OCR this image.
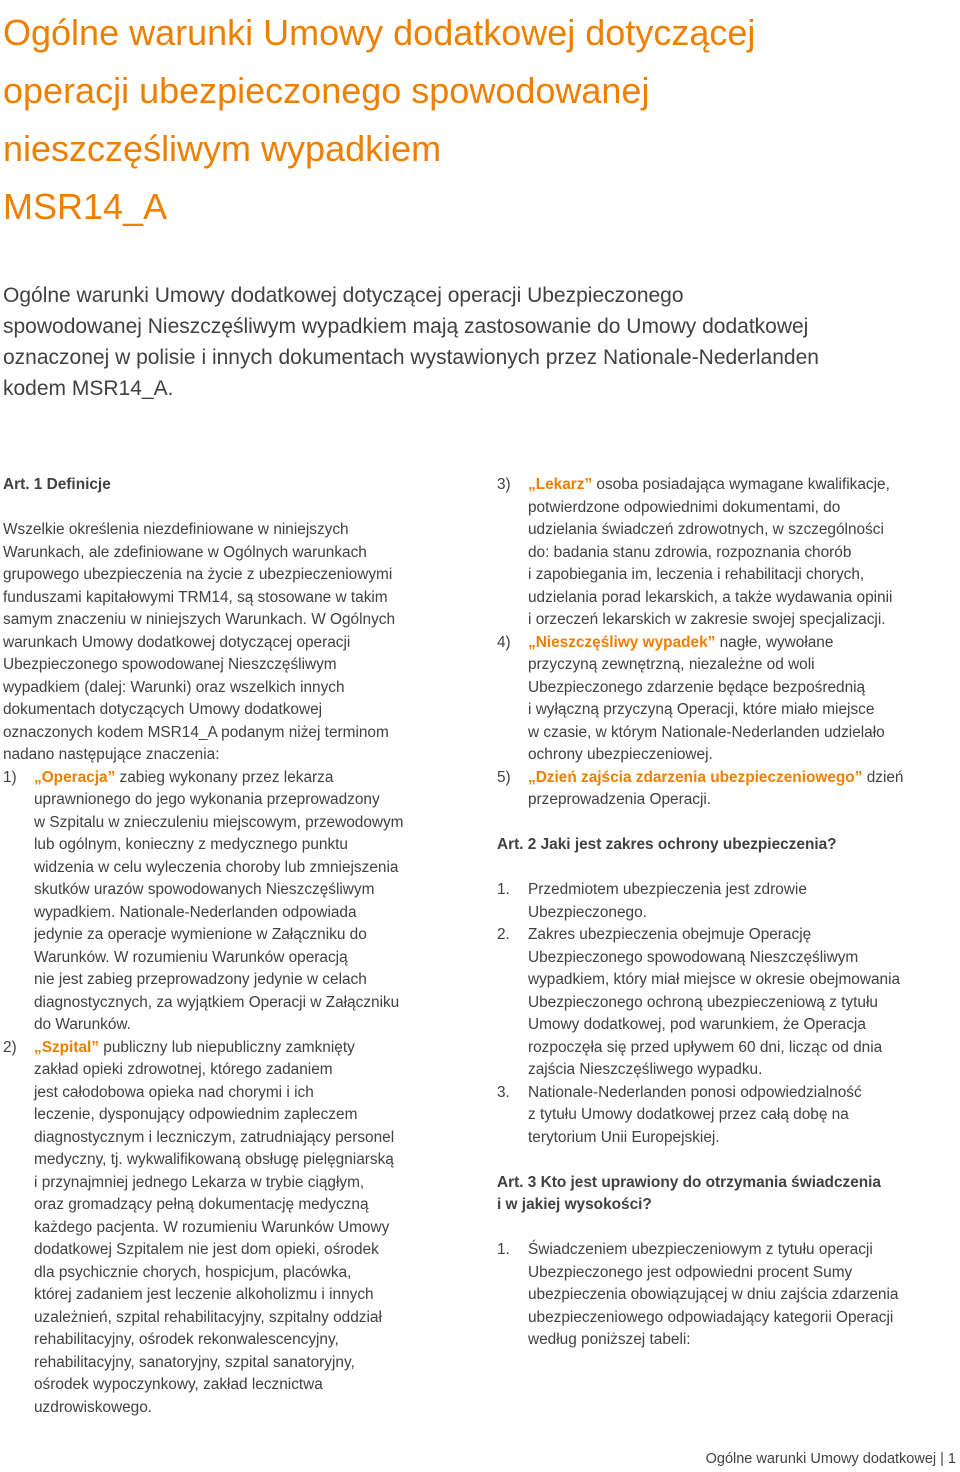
Ogólne warunki Umowy dodatkowej dotyczącej
operacji ubezpieczonego spowodowanej
nieszczęśliwym wypadkiem
MSR14_A
Ogólne warunki Umowy dodatkowej dotyczącej operacji Ubezpieczonego
spowodowanej Nieszczęśliwym wypadkiem mają zastosowanie do Umowy dodatkowej
oznaczonej w polisie i innych dokumentach wystawionych przez Nationale-Nederlanden
kodem MSR14_A.
Art. 1 Definicje
Wszelkie określenia niezdefiniowane w niniejszych
Warunkach, ale zdefiniowane w Ogólnych warunkach
grupowego ubezpieczenia na życie z ubezpieczeniowymi
funduszami kapitałowymi TRM14, są stosowane w takim
samym znaczeniu w niniejszych Warunkach. W Ogólnych
warunkach Umowy dodatkowej dotyczącej operacji
Ubezpieczonego spowodowanej Nieszczęśliwym
wypadkiem (dalej: Warunki) oraz wszelkich innych
dokumentach dotyczących Umowy dodatkowej
oznaczonych kodem MSR14_A podanym niżej terminom
nadano następujące znaczenia:
1) „Operacja” zabieg wykonany przez lekarza
uprawnionego do jego wykonania przeprowadzony
w Szpitalu w znieczuleniu miejscowym, przewodowym
lub ogólnym, konieczny z medycznego punktu
widzenia w celu wyleczenia choroby lub zmniejszenia
skutków urazów spowodowanych Nieszczęśliwym
wypadkiem. Nationale-Nederlanden odpowiada
jedynie za operacje wymienione w Załączniku do
Warunków. W rozumieniu Warunków operacją
nie jest zabieg przeprowadzony jedynie w celach
diagnostycznych, za wyjątkiem Operacji w Załączniku
do Warunków.
2) „Szpital” publiczny lub niepubliczny zamknięty
zakład opieki zdrowotnej, którego zadaniem
jest całodobowa opieka nad chorymi i ich
leczenie, dysponujący odpowiednim zapleczem
diagnostycznym i leczniczym, zatrudniający personel
medyczny, tj. wykwalifikowaną obsługę pielęgniarską
i przynajmniej jednego Lekarza w trybie ciągłym,
oraz gromadzący pełną dokumentację medyczną
każdego pacjenta. W rozumieniu Warunków Umowy
dodatkowej Szpitalem nie jest dom opieki, ośrodek
dla psychicznie chorych, hospicjum, placówka,
której zadaniem jest leczenie alkoholizmu i innych
uzależnień, szpital rehabilitacyjny, szpitalny oddział
rehabilitacyjny, ośrodek rekonwalescencyjny,
rehabilitacyjny, sanatoryjny, szpital sanatoryjny,
ośrodek wypoczynkowy, zakład lecznictwa
uzdrowiskowego.
3) „Lekarz” osoba posiadająca wymagane kwalifikacje,
potwierdzone odpowiednimi dokumentami, do
udzielania świadczeń zdrowotnych, w szczególności
do: badania stanu zdrowia, rozpoznania chorób
i zapobiegania im, leczenia i rehabilitacji chorych,
udzielania porad lekarskich, a także wydawania opinii
i orzeczeń lekarskich w zakresie swojej specjalizacji.
4) „Nieszczęśliwy wypadek” nagłe, wywołane
przyczyną zewnętrzną, niezależne od woli
Ubezpieczonego zdarzenie będące bezpośrednią
i wyłączną przyczyną Operacji, które miało miejsce
w czasie, w którym Nationale-Nederlanden udzielało
ochrony ubezpieczeniowej.
5) „Dzień zajścia zdarzenia ubezpieczeniowego” dzień
przeprowadzenia Operacji.
Art. 2 Jaki jest zakres ochrony ubezpieczenia?
1. Przedmiotem ubezpieczenia jest zdrowie
Ubezpieczonego.
2. Zakres ubezpieczenia obejmuje Operację
Ubezpieczonego spowodowaną Nieszczęśliwym
wypadkiem, który miał miejsce w okresie obejmowania
Ubezpieczonego ochroną ubezpieczeniową z tytułu
Umowy dodatkowej, pod warunkiem, że Operacja
rozpoczęła się przed upływem 60 dni, licząc od dnia
zajścia Nieszczęśliwego wypadku.
3. Nationale-Nederlanden ponosi odpowiedzialność
z tytułu Umowy dodatkowej przez całą dobę na
terytorium Unii Europejskiej.
Art. 3 Kto jest uprawiony do otrzymania świadczenia
i w jakiej wysokości?
1. Świadczeniem ubezpieczeniowym z tytułu operacji
Ubezpieczonego jest odpowiedni procent Sumy
ubezpieczenia obowiązującej w dniu zajścia zdarzenia
ubezpieczeniowego odpowiadający kategorii Operacji
według poniższej tabeli:
Ogólne warunki Umowy dodatkowej | 1
